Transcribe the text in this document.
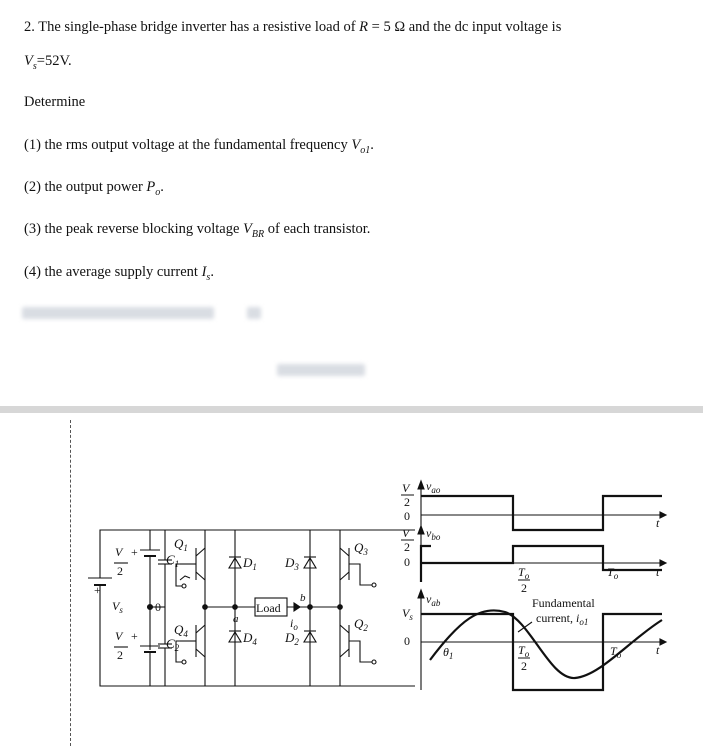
2. The single-phase bridge inverter has a resistive load of R = 5 Ω and the dc input voltage is
$V_s=52V$.
Determine
(1) the rms output voltage at the fundamental frequency $V_{o1}$.
(2) the output power $P_o$.
(3) the peak reverse blocking voltage $V_{BR}$ of each transistor.
(4) the average supply current $I_s$.
$Q_1$
$Q_4$
$Q_3$
$Q_2$
$D_1$
$D_4$
$D_3$
$D_2$
$C_1$
$C_2$
Load
a
b
$i_o$
0
$V_s$
+
V +
2
V +
2
$v_{ao}$
$v_{bo}$
$v_{ab}$
V
2
0
V
2
0
$V_s$
0
t
t
t
$T_o$
2
$T_o$
$T_o$
2
$T_o$
$\theta_1$
Fundamental
current, $i_{o1}$
